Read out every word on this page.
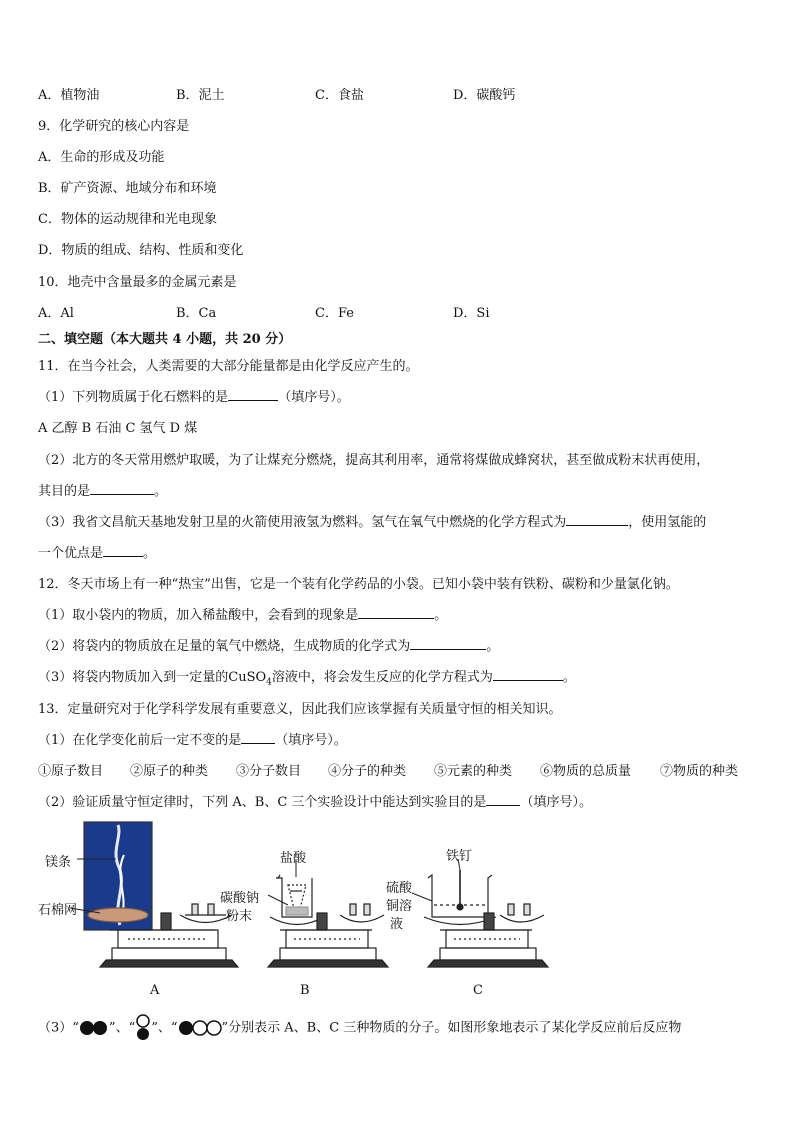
A．植物油	B．泥土	C．食盐	D．碳酸钙
9．化学研究的核心内容是
A．生命的形成及功能
B．矿产资源、地域分布和环境
C．物体的运动规律和光电现象
D．物质的组成、结构、性质和变化
10．地壳中含量最多的金属元素是
A．Al	B．Ca	C．Fe	D．Si
二、填空题（本大题共 4 小题，共 20 分）
11．在当今社会，人类需要的大部分能量都是由化学反应产生的。
（1）下列物质属于化石燃料的是	（填序号）。
A 乙醇 B 石油 C 氢气 D 煤
（2）北方的冬天常用燃炉取暖，为了让煤充分燃烧，提高其利用率，通常将煤做成蜂窝状，甚至做成粉末状再使用，
其目的是	。
（3）我省文昌航天基地发射卫星的火箭使用液氢为燃料。氢气在氧气中燃烧的化学方程式为	，使用氢能的
一个优点是	。
12．冬天市场上有一种“热宝”出售，它是一个装有化学药品的小袋。已知小袋中装有铁粉、碳粉和少量氯化钠。
（1）取小袋内的物质，加入稀盐酸中，会看到的现象是	。
（2）将袋内的物质放在足量的氧气中燃烧，生成物质的化学式为	。
（3）将袋内物质加入到一定量的CuSO$_4$溶液中，将会发生反应的化学方程式为	。
13．定量研究对于化学科学发展有重要意义，因此我们应该掌握有关质量守恒的相关知识。
（1）在化学变化前后一定不变的是	（填序号）。
①原子数目 ②原子的种类 ③分子数目 ④分子的种类 ⑤元素的种类 ⑥物质的总质量 ⑦物质的种类
（2）验证质量守恒定律时，下列 A、B、C 三个实验设计中能达到实验目的是	（填序号）。
镁条
石棉网
盐酸
碳酸钠
粉末
铁钉
硫酸
铜溶
液
A	B	C
（3）“ ”、“ ”、“	”分别表示 A、B、C 三种物质的分子。如图形象地表示了某化学反应前后反应物
